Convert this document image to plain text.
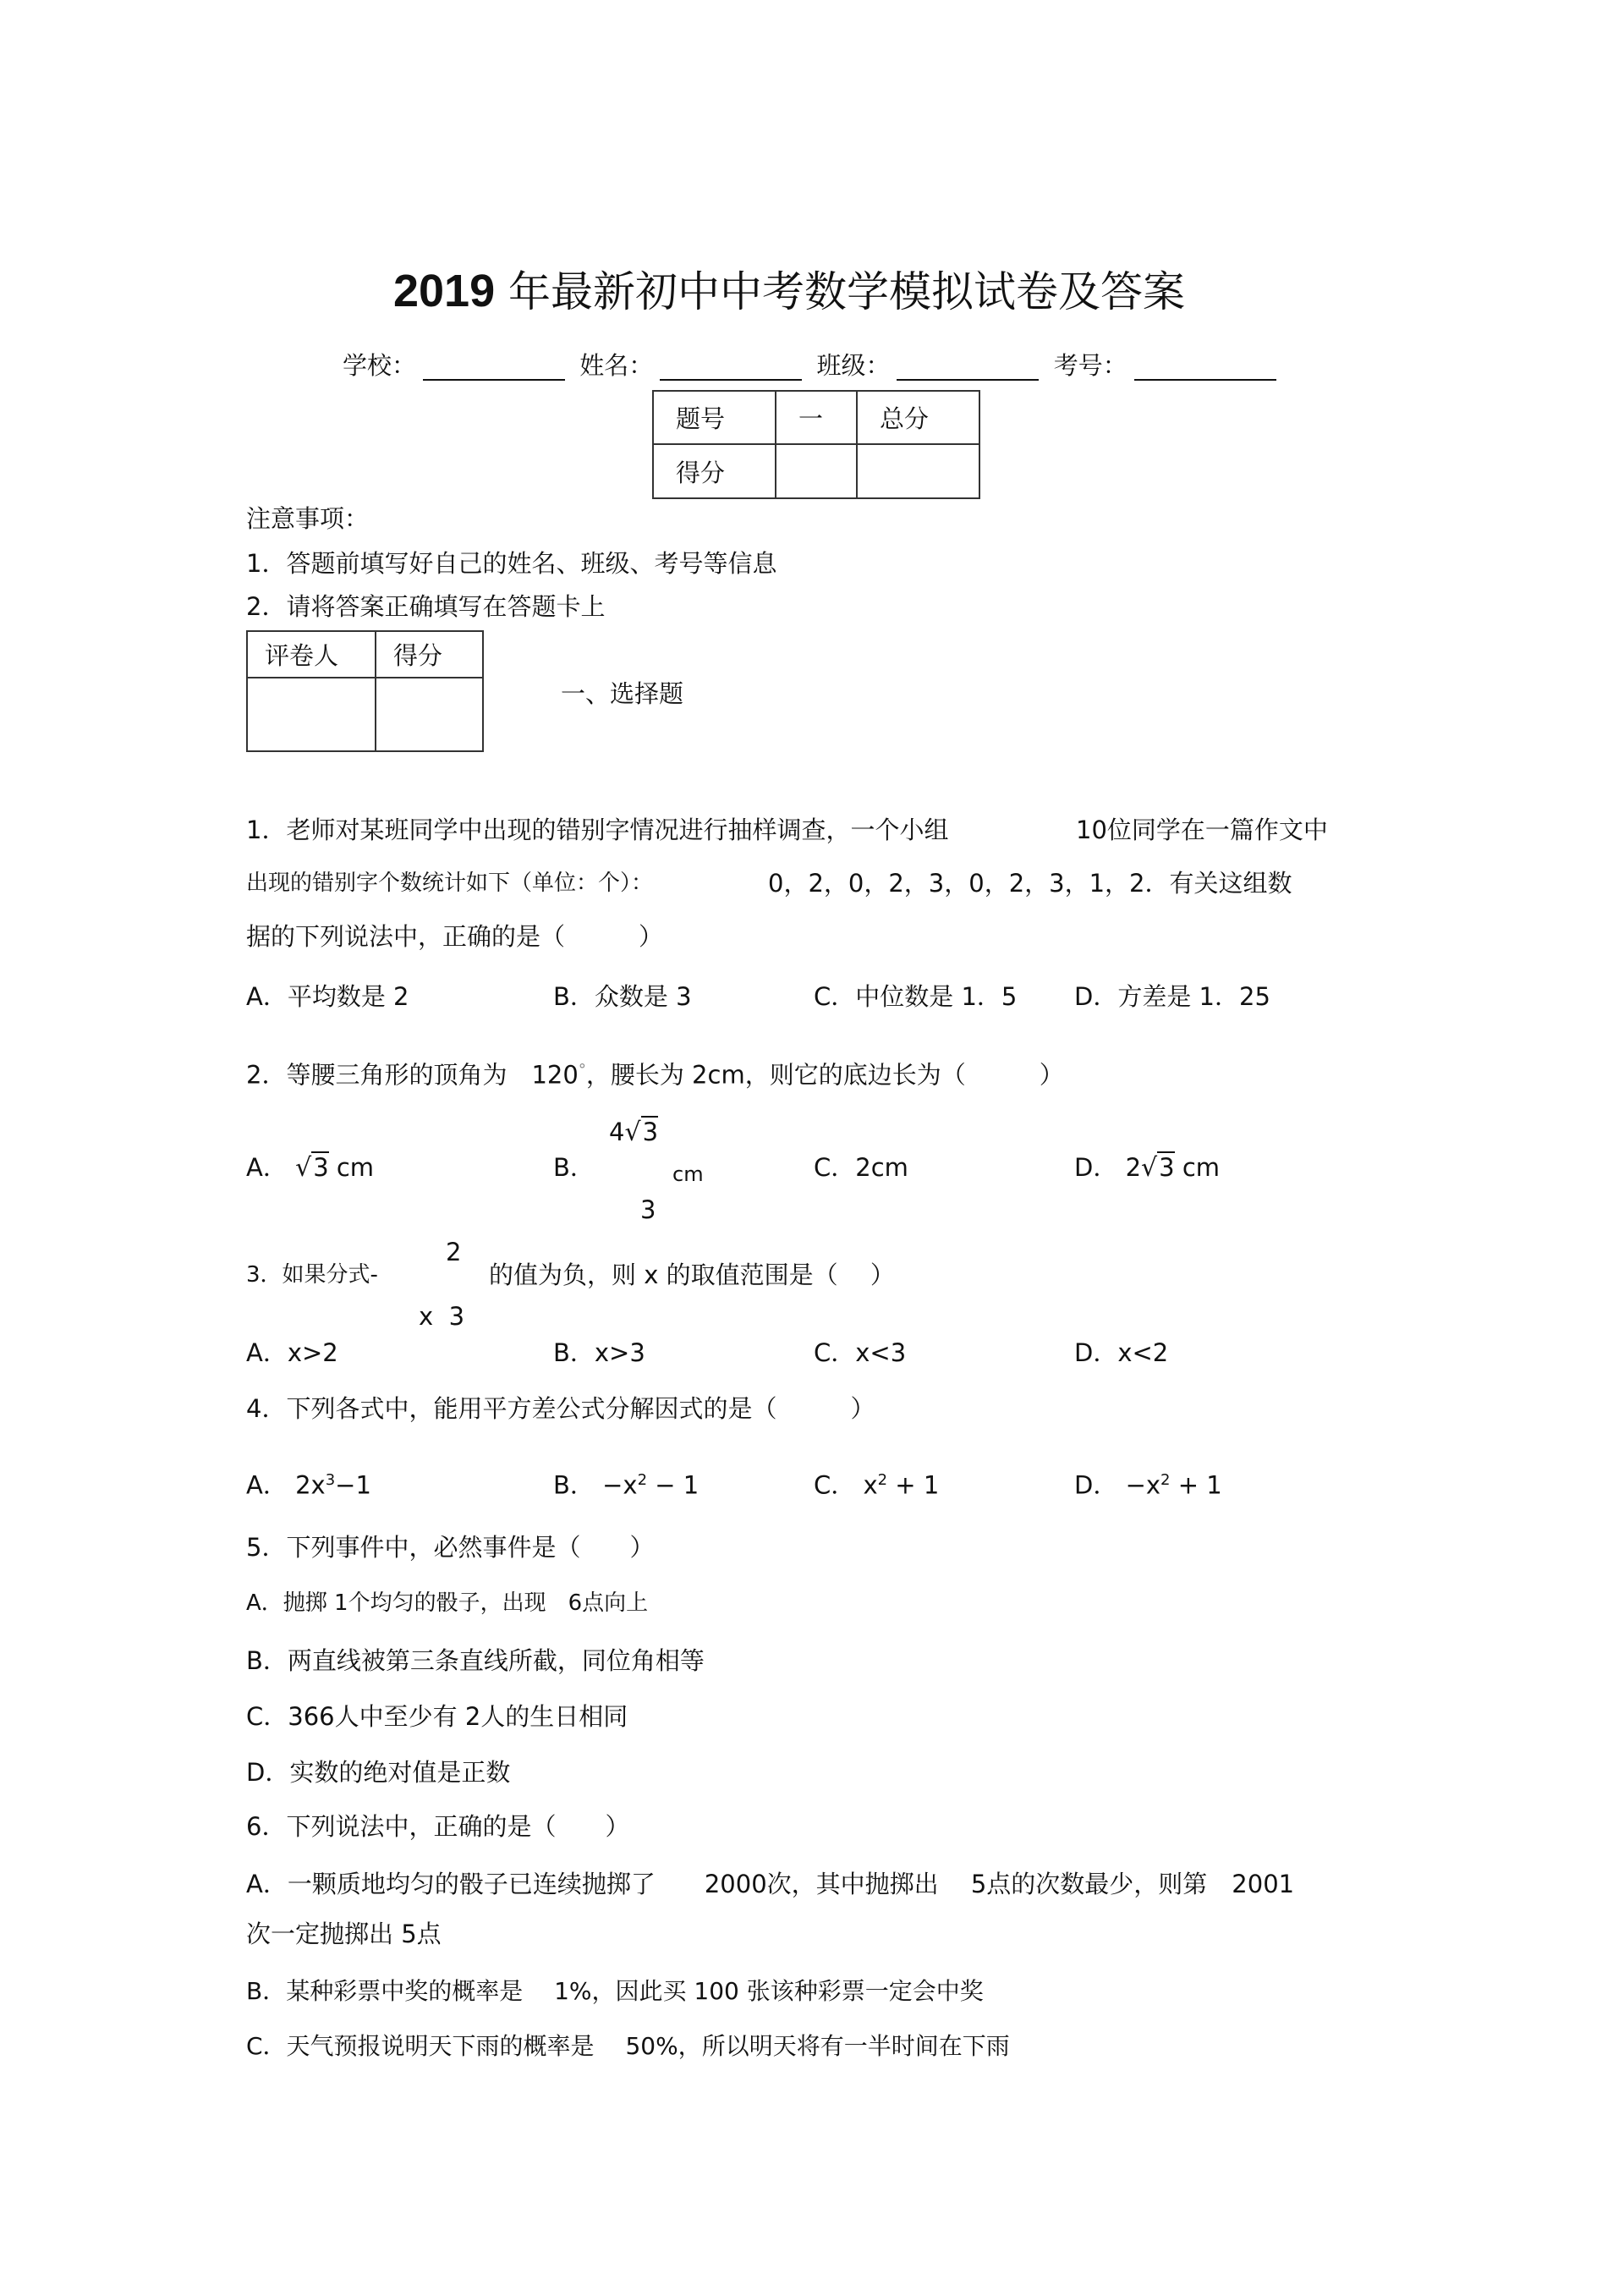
2019 年最新初中中考数学模拟试卷及答案
学校：	姓名：	班级：	考号：
题号	一	总分
得分		
注意事项：
1．答题前填写好自己的姓名、班级、考号等信息
2．请将答案正确填写在答题卡上
评卷人	得分

一、选择题
1．老师对某班同学中出现的错别字情况进行抽样调查，一个小组	10位同学在一篇作文中
出现的错别字个数统计如下（单位：个）：	0，2，0，2，3，0，2，3，1，2．有关这组数
据的下列说法中，正确的是（　　　）
A．平均数是 2	B．众数是 3	C．中位数是 1．5 D．方差是 1．25
2．等腰三角形的顶角为　 120°，腰长为 2cm，则它的底边长为（　　　）
A． √3 cm	B．
4√3
cm
3
C．2cm	D． 2√3 cm
3．如果分式-
2
x  3
的值为负，则 x 的取值范围是（　 ）
A．x>2	B．x>3	C．x<3	D．x<2
4．下列各式中，能用平方差公式分解因式的是（　　　）
A． $2x^3-1$	B． $-x^2 - 1$	C． $x^2 + 1$	D． $-x^2 + 1$
5．下列事件中，必然事件是（　　）
A．抛掷 1个均匀的骰子，出现　6点向上
B．两直线被第三条直线所截，同位角相等
C．366人中至少有 2人的生日相同
D．实数的绝对值是正数
6．下列说法中，正确的是（　　）
A．一颗质地均匀的骰子已连续抛掷了　　2000次，其中抛掷出　 5点的次数最少，则第　2001
次一定抛掷出 5点
B．某种彩票中奖的概率是　 1%，因此买 100 张该种彩票一定会中奖
C．天气预报说明天下雨的概率是　 50%，所以明天将有一半时间在下雨
